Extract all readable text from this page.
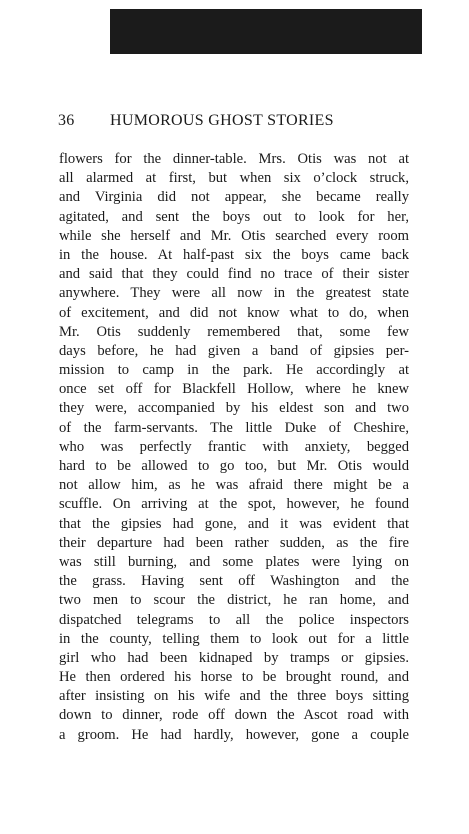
36 HUMOROUS GHOST STORIES
flowers for the dinner-table. Mrs. Otis was not at
all alarmed at first, but when six o’clock struck,
and Virginia did not appear, she became really
agitated, and sent the boys out to look for her,
while she herself and Mr. Otis searched every room
in the house. At half-past six the boys came back
and said that they could find no trace of their sister
anywhere. They were all now in the greatest state
of excitement, and did not know what to do, when
Mr. Otis suddenly remembered that, some few
days before, he had given a band of gipsies per-
mission to camp in the park. He accordingly at
once set off for Blackfell Hollow, where he knew
they were, accompanied by his eldest son and two
of the farm-servants. The little Duke of Cheshire,
who was perfectly frantic with anxiety, begged
hard to be allowed to go too, but Mr. Otis would
not allow him, as he was afraid there might be a
scuffle. On arriving at the spot, however, he found
that the gipsies had gone, and it was evident that
their departure had been rather sudden, as the fire
was still burning, and some plates were lying on
the grass. Having sent off Washington and the
two men to scour the district, he ran home, and
dispatched telegrams to all the police inspectors
in the county, telling them to look out for a little
girl who had been kidnaped by tramps or gipsies.
He then ordered his horse to be brought round, and
after insisting on his wife and the three boys sitting
down to dinner, rode off down the Ascot road with
a groom. He had hardly, however, gone a couple
